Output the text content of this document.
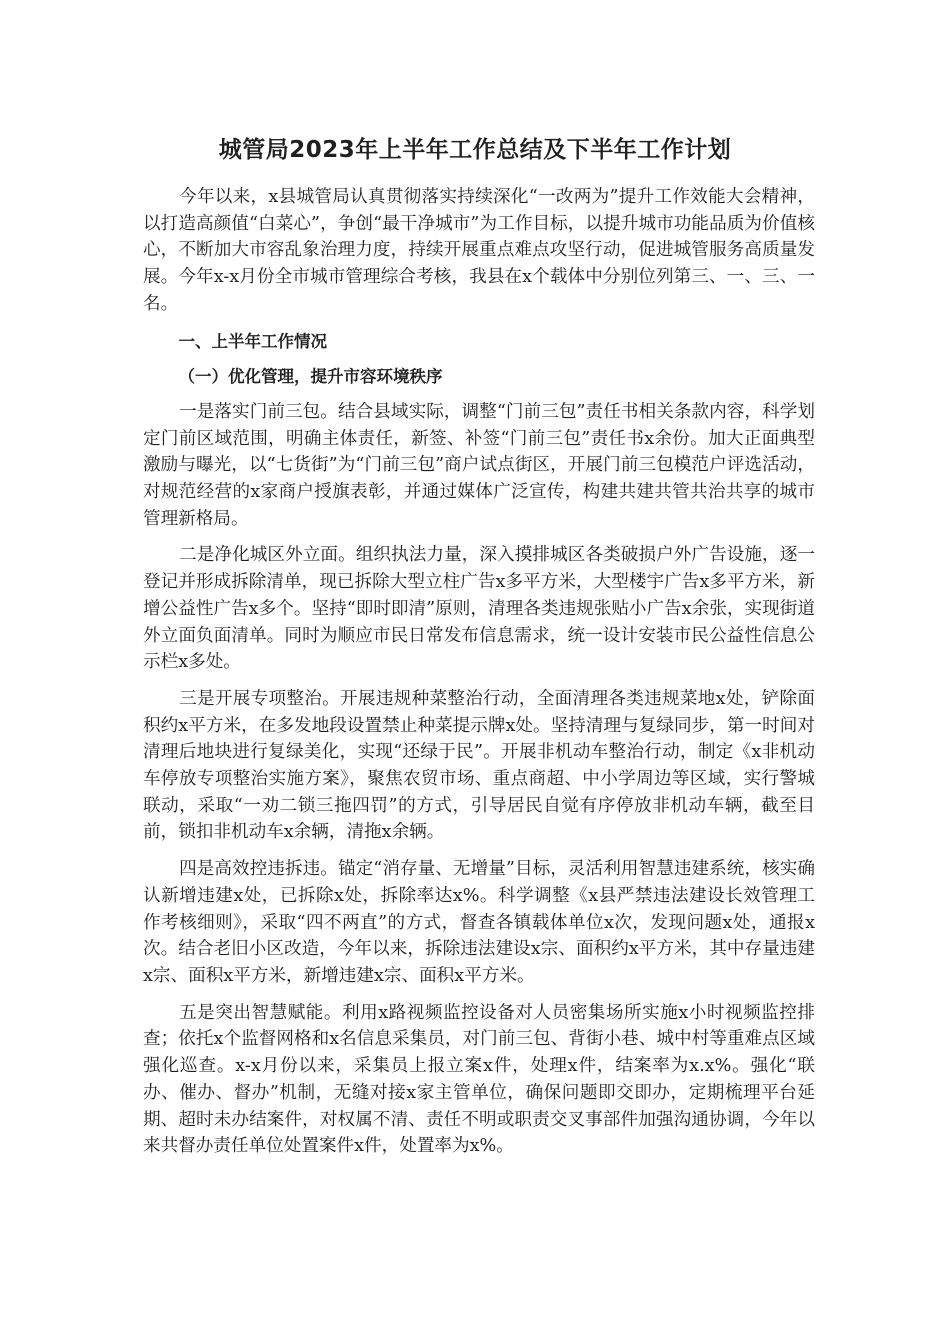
城管局2023年上半年工作总结及下半年工作计划

今年以来，x县城管局认真贯彻落实持续深化“一改两为”提升工作效能大会精神，以打造高颜值“白菜心”，争创“最干净城市”为工作目标，以提升城市功能品质为价值核心，不断加大市容乱象治理力度，持续开展重点难点攻坚行动，促进城管服务高质量发展。今年x-x月份全市城市管理综合考核，我县在x个载体中分别位列第三、一、三、一名。

一、上半年工作情况

（一）优化管理，提升市容环境秩序

一是落实门前三包。结合县域实际，调整“门前三包”责任书相关条款内容，科学划定门前区域范围，明确主体责任，新签、补签“门前三包”责任书x余份。加大正面典型激励与曝光，以“七货街”为“门前三包”商户试点街区，开展门前三包模范户评选活动，对规范经营的x家商户授旗表彰，并通过媒体广泛宣传，构建共建共管共治共享的城市管理新格局。

二是净化城区外立面。组织执法力量，深入摸排城区各类破损户外广告设施，逐一登记并形成拆除清单，现已拆除大型立柱广告x多平方米，大型楼宇广告x多平方米，新增公益性广告x多个。坚持“即时即清”原则，清理各类违规张贴小广告x余张，实现街道外立面负面清单。同时为顺应市民日常发布信息需求，统一设计安装市民公益性信息公示栏x多处。

三是开展专项整治。开展违规种菜整治行动，全面清理各类违规菜地x处，铲除面积约x平方米，在多发地段设置禁止种菜提示牌x处。坚持清理与复绿同步，第一时间对清理后地块进行复绿美化，实现“还绿于民”。开展非机动车整治行动，制定《x非机动车停放专项整治实施方案》，聚焦农贸市场、重点商超、中小学周边等区域，实行警城联动，采取“一劝二锁三拖四罚”的方式，引导居民自觉有序停放非机动车辆，截至目前，锁扣非机动车x余辆，清拖x余辆。

四是高效控违拆违。锚定“消存量、无增量”目标，灵活利用智慧违建系统，核实确认新增违建x处，已拆除x处，拆除率达x%。科学调整《x县严禁违法建设长效管理工作考核细则》，采取“四不两直”的方式，督查各镇载体单位x次，发现问题x处，通报x次。结合老旧小区改造，今年以来，拆除违法建设x宗、面积约x平方米，其中存量违建x宗、面积x平方米，新增违建x宗、面积x平方米。

五是突出智慧赋能。利用x路视频监控设备对人员密集场所实施x小时视频监控排查；依托x个监督网格和x名信息采集员，对门前三包、背街小巷、城中村等重难点区域强化巡查。x-x月份以来，采集员上报立案x件，处理x件，结案率为x.x%。强化“联办、催办、督办”机制，无缝对接x家主管单位，确保问题即交即办，定期梳理平台延期、超时未办结案件，对权属不清、责任不明或职责交叉事部件加强沟通协调，今年以来共督办责任单位处置案件x件，处置率为x%。
